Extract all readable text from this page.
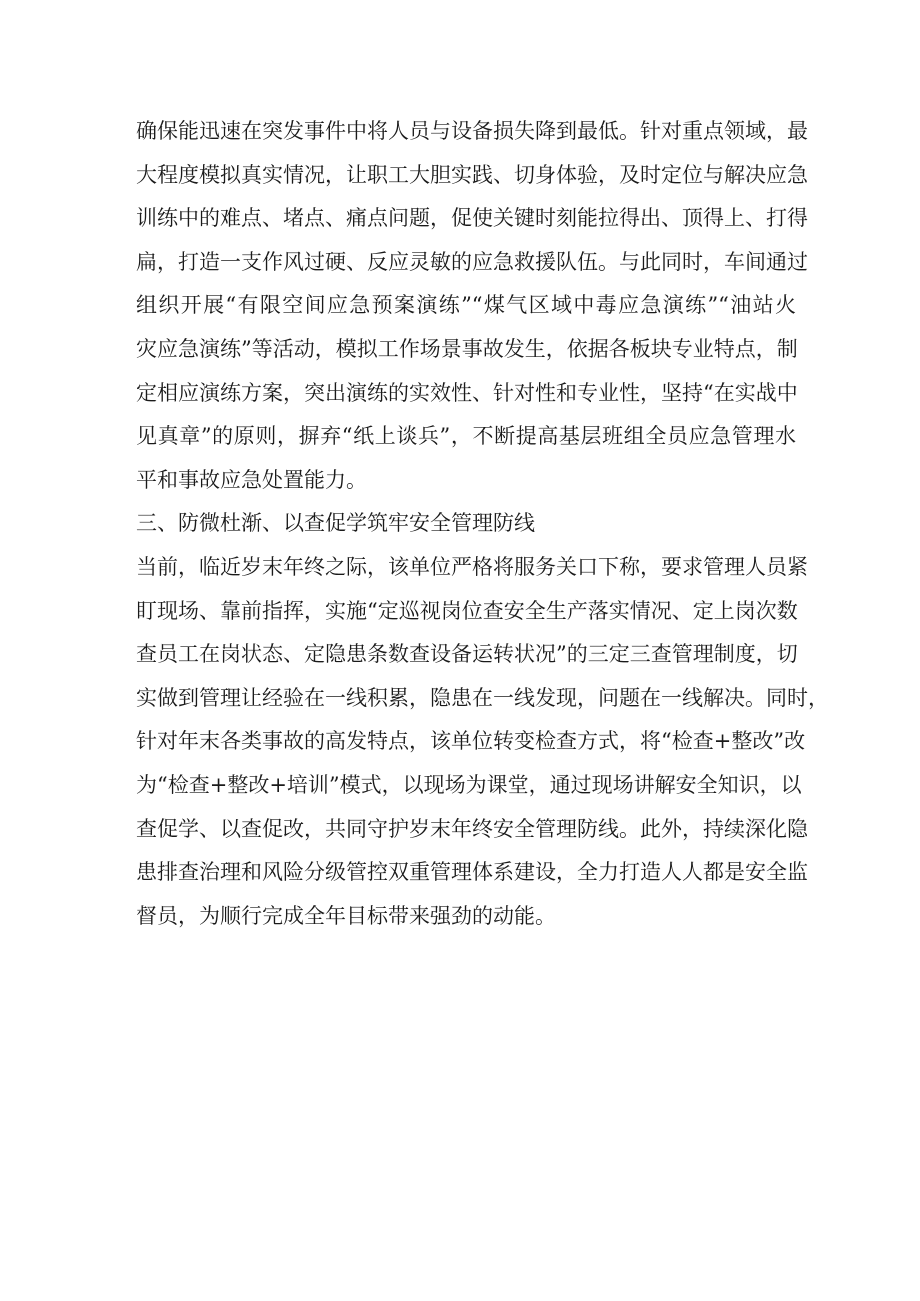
确保能迅速在突发事件中将人员与设备损失降到最低。针对重点领域，最
大程度模拟真实情况，让职工大胆实践、切身体验，及时定位与解决应急
训练中的难点、堵点、痛点问题，促使关键时刻能拉得出、顶得上、打得
扁，打造一支作风过硬、反应灵敏的应急救援队伍。与此同时，车间通过
组织开展“有限空间应急预案演练”“煤气区域中毒应急演练”“油站火
灾应急演练”等活动，模拟工作场景事故发生，依据各板块专业特点，制
定相应演练方案，突出演练的实效性、针对性和专业性，坚持“在实战中
见真章”的原则，摒弃“纸上谈兵”，不断提高基层班组全员应急管理水
平和事故应急处置能力。
三、防微杜渐、以查促学筑牢安全管理防线
当前，临近岁末年终之际，该单位严格将服务关口下称，要求管理人员紧
盯现场、靠前指挥，实施“定巡视岗位查安全生产落实情况、定上岗次数
查员工在岗状态、定隐患条数查设备运转状况”的三定三查管理制度，切
实做到管理让经验在一线积累，隐患在一线发现，问题在一线解决。同时，
针对年末各类事故的高发特点，该单位转变检查方式，将“检查+整改”改
为“检查+整改+培训”模式，以现场为课堂，通过现场讲解安全知识，以
查促学、以查促改，共同守护岁末年终安全管理防线。此外，持续深化隐
患排查治理和风险分级管控双重管理体系建设，全力打造人人都是安全监
督员，为顺行完成全年目标带来强劲的动能。
